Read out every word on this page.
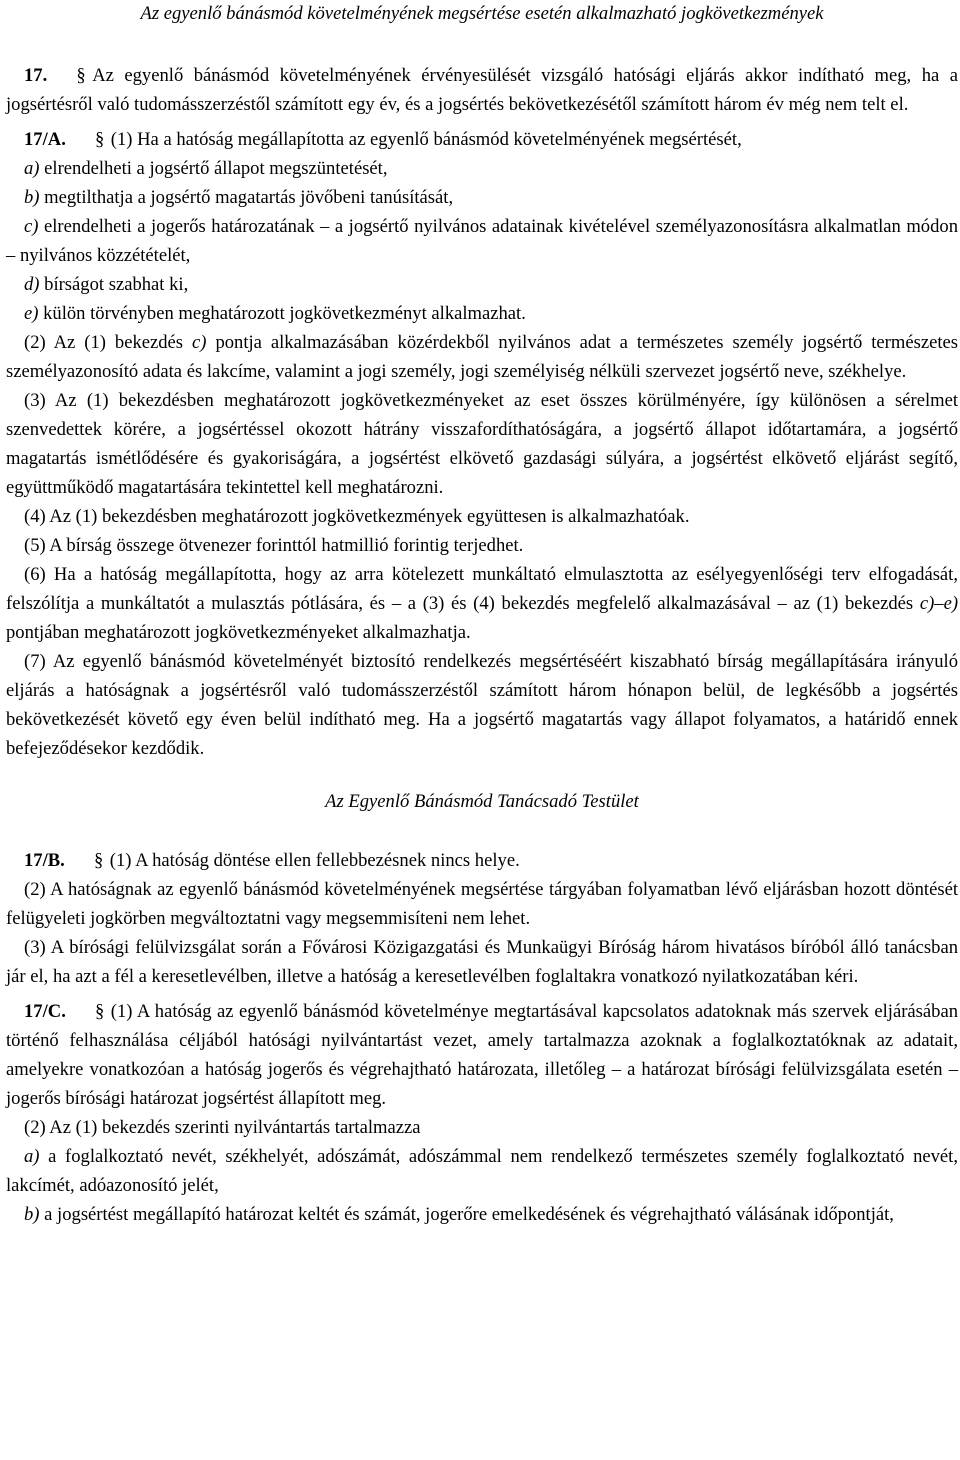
Az egyenlő bánásmód követelményének megsértése esetén alkalmazható jogkövetkezmények

17. § Az egyenlő bánásmód követelményének érvényesülését vizsgáló hatósági eljárás akkor indítható meg, ha a jogsértésről való tudomásszerzéstől számított egy év, és a jogsértés bekövetkezésétől számított három év még nem telt el.

17/A. § (1) Ha a hatóság megállapította az egyenlő bánásmód követelményének megsértését,

a) elrendelheti a jogsértő állapot megszüntetését,

b) megtilthatja a jogsértő magatartás jövőbeni tanúsítását,

c) elrendelheti a jogerős határozatának – a jogsértő nyilvános adatainak kivételével személyazonosításra alkalmatlan módon – nyilvános közzétételét,

d) bírságot szabhat ki,

e) külön törvényben meghatározott jogkövetkezményt alkalmazhat.

(2) Az (1) bekezdés c) pontja alkalmazásában közérdekből nyilvános adat a természetes személy jogsértő természetes személyazonosító adata és lakcíme, valamint a jogi személy, jogi személyiség nélküli szervezet jogsértő neve, székhelye.

(3) Az (1) bekezdésben meghatározott jogkövetkezményeket az eset összes körülményére, így különösen a sérelmet szenvedettek körére, a jogsértéssel okozott hátrány visszafordíthatóságára, a jogsértő állapot időtartamára, a jogsértő magatartás ismétlődésére és gyakoriságára, a jogsértést elkövető gazdasági súlyára, a jogsértést elkövető eljárást segítő, együttműködő magatartására tekintettel kell meghatározni.

(4) Az (1) bekezdésben meghatározott jogkövetkezmények együttesen is alkalmazhatóak.

(5) A bírság összege ötvenezer forinttól hatmillió forintig terjedhet.

(6) Ha a hatóság megállapította, hogy az arra kötelezett munkáltató elmulasztotta az esélyegyenlőségi terv elfogadását, felszólítja a munkáltatót a mulasztás pótlására, és – a (3) és (4) bekezdés megfelelő alkalmazásával – az (1) bekezdés c)–e) pontjában meghatározott jogkövetkezményeket alkalmazhatja.

(7) Az egyenlő bánásmód követelményét biztosító rendelkezés megsértéséért kiszabható bírság megállapítására irányuló eljárás a hatóságnak a jogsértésről való tudomásszerzéstől számított három hónapon belül, de legkésőbb a jogsértés bekövetkezését követő egy éven belül indítható meg. Ha a jogsértő magatartás vagy állapot folyamatos, a határidő ennek befejeződésekor kezdődik.

Az Egyenlő Bánásmód Tanácsadó Testület

17/B. § (1) A hatóság döntése ellen fellebbezésnek nincs helye.

(2) A hatóságnak az egyenlő bánásmód követelményének megsértése tárgyában folyamatban lévő eljárásban hozott döntését felügyeleti jogkörben megváltoztatni vagy megsemmisíteni nem lehet.

(3) A bírósági felülvizsgálat során a Fővárosi Közigazgatási és Munkaügyi Bíróság három hivatásos bíróból álló tanácsban jár el, ha azt a fél a keresetlevélben, illetve a hatóság a keresetlevélben foglaltakra vonatkozó nyilatkozatában kéri.

17/C. § (1) A hatóság az egyenlő bánásmód követelménye megtartásával kapcsolatos adatoknak más szervek eljárásában történő felhasználása céljából hatósági nyilvántartást vezet, amely tartalmazza azoknak a foglalkoztatóknak az adatait, amelyekre vonatkozóan a hatóság jogerős és végrehajtható határozata, illetőleg – a határozat bírósági felülvizsgálata esetén – jogerős bírósági határozat jogsértést állapított meg.

(2) Az (1) bekezdés szerinti nyilvántartás tartalmazza

a) a foglalkoztató nevét, székhelyét, adószámát, adószámmal nem rendelkező természetes személy foglalkoztató nevét, lakcímét, adóazonosító jelét,

b) a jogsértést megállapító határozat keltét és számát, jogerőre emelkedésének és végrehajtható válásának időpontját,
